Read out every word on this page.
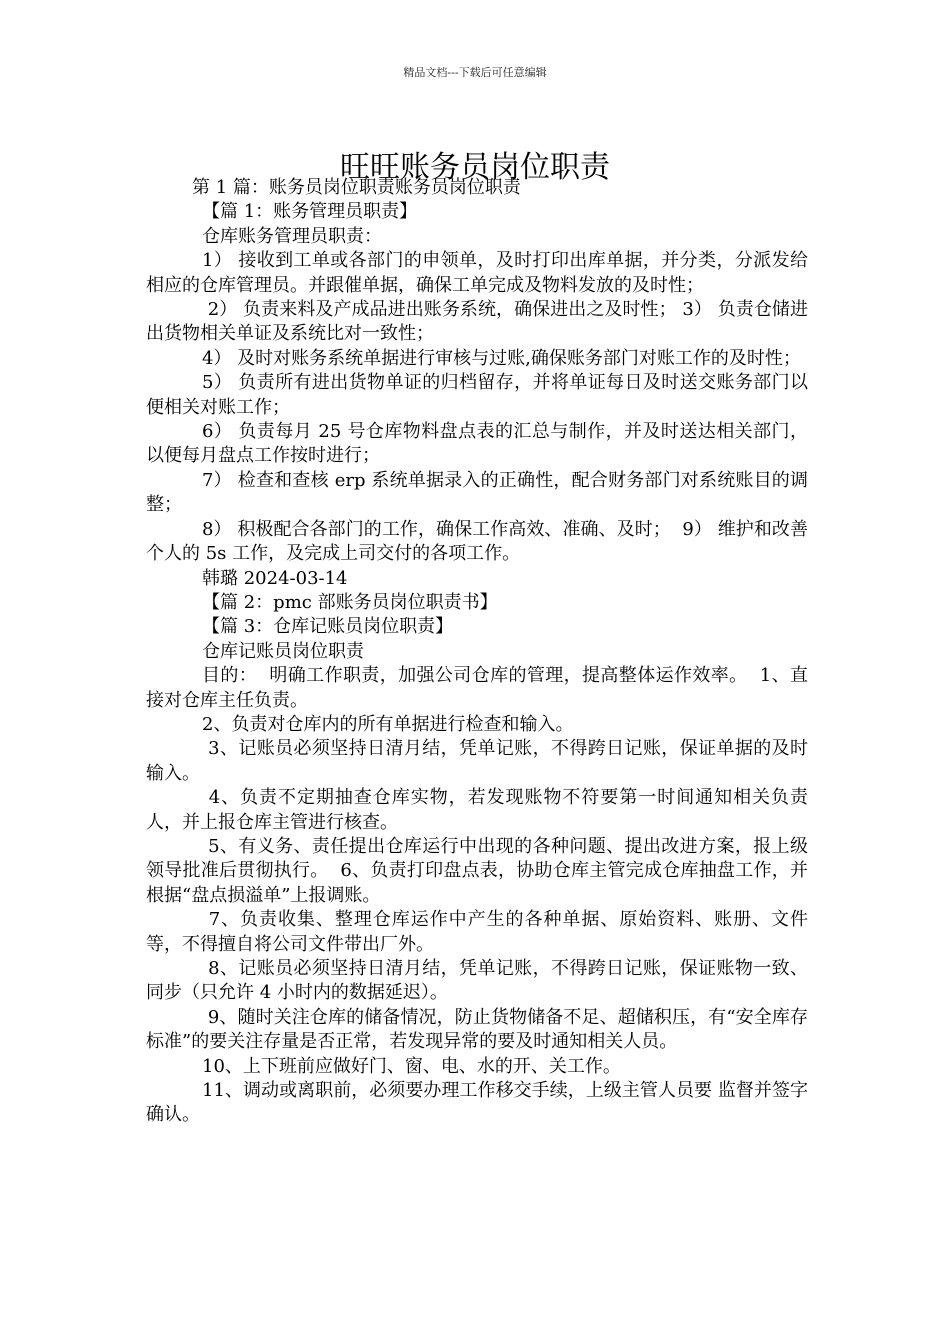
精品文档---下载后可任意编辑
旺旺账务员岗位职责

第 1 篇：账务员岗位职责账务员岗位职责

【篇 1：账务管理员职责】

仓库账务管理员职责：

1） 接收到工单或各部门的申领单，及时打印出库单据，并分类，分派发给相应的仓库管理员。并跟催单据，确保工单完成及物料发放的及时性；

2） 负责来料及产成品进出账务系统，确保进出之及时性； 3） 负责仓储进出货物相关单证及系统比对一致性；

4） 及时对账务系统单据进行审核与过账,确保账务部门对账工作的及时性；

5） 负责所有进出货物单证的归档留存，并将单证每日及时送交账务部门以便相关对账工作；

6） 负责每月 25 号仓库物料盘点表的汇总与制作，并及时送达相关部门，以便每月盘点工作按时进行；

7） 检查和查核 erp 系统单据录入的正确性，配合财务部门对系统账目的调整；

8） 积极配合各部门的工作，确保工作高效、准确、及时；  9） 维护和改善个人的 5s 工作，及完成上司交付的各项工作。

韩璐 2024-03-14

【篇 2：pmc 部账务员岗位职责书】

【篇 3：仓库记账员岗位职责】

仓库记账员岗位职责

目的：  明确工作职责，加强公司仓库的管理，提高整体运作效率。  1、直接对仓库主任负责。

2、负责对仓库内的所有单据进行检查和输入。

3、记账员必须坚持日清月结，凭单记账，不得跨日记账，保证单据的及时输入。

4、负责不定期抽查仓库实物，若发现账物不符要第一时间通知相关负责人，并上报仓库主管进行核查。

5、有义务、责任提出仓库运行中出现的各种问题、提出改进方案，报上级领导批准后贯彻执行。  6、负责打印盘点表，协助仓库主管完成仓库抽盘工作，并根据“盘点损溢单”上报调账。

7、负责收集、整理仓库运作中产生的各种单据、原始资料、账册、文件等，不得擅自将公司文件带出厂外。

8、记账员必须坚持日清月结，凭单记账，不得跨日记账，保证账物一致、同步（只允许 4 小时内的数据延迟）。

9、随时关注仓库的储备情况，防止货物储备不足、超储积压，有“安全库存标准”的要关注存量是否正常，若发现异常的要及时通知相关人员。

10、上下班前应做好门、窗、电、水的开、关工作。

11、调动或离职前，必须要办理工作移交手续，上级主管人员要 监督并签字确认。
